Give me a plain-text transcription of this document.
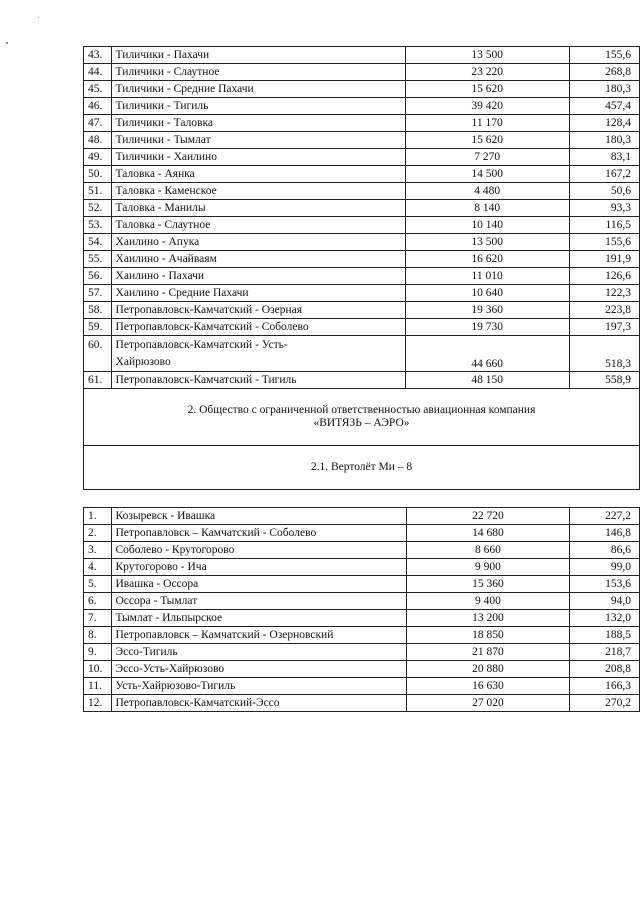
43.	Тиличики - Пахачи	13 500	155,6
44.	Тиличики - Слаутное	23 220	268,8
45.	Тиличики - Средние Пахачи	15 620	180,3
46.	Тиличики - Тигиль	39 420	457,4
47.	Тиличики - Таловка	11 170	128,4
48.	Тиличики - Тымлат	15 620	180,3
49.	Тиличики - Хаилино	7 270	83,1
50.	Таловка - Аянка	14 500	167,2
51.	Таловка - Каменское	4 480	50,6
52.	Таловка - Манилы	8 140	93,3
53.	Таловка - Слаутное	10 140	116,5
54.	Хаилино - Апука	13 500	155,6
55.	Хаилино - Ачайваям	16 620	191,9
56.	Хаилино - Пахачи	11 010	126,6
57.	Хаилино - Средние Пахачи	10 640	122,3
58.	Петропавловск-Камчатский - Озерная	19 360	223,8
59.	Петропавловск-Камчатский - Соболево	19 730	197,3
60.	Петропавловск-Камчатский - Усть-
Хайрюзово	44 660	518,3
61.	Петропавловск-Камчатский - Тигиль	48 150	558,9
2. Общество с ограниченной ответственностью авиационная компания
«ВИТЯЗЬ – АЭРО»			
2.1. Вертолёт Ми – 8			
1.	Козыревск - Ивашка	22 720	227,2
2.	Петропавловск – Камчатский - Соболево	14 680	146,8
3.	Соболево - Крутогорово	8 660	86,6
4.	Крутогорово - Ича	9 900	99,0
5.	Ивашка - Оссора	15 360	153,6
6.	Оссора - Тымлат	9 400	94,0
7.	Тымлат - Ильпырское	13 200	132,0
8.	Петропавловск – Камчатский - Озерновский	18 850	188,5
9.	Эссо-Тигиль	21 870	218,7
10.	Эссо-Усть-Хайрюзово	20 880	208,8
11.	Усть-Хайрюзово-Тигиль	16 630	166,3
12.	Петропавловск-Камчатский-Эссо	27 020	270,2
